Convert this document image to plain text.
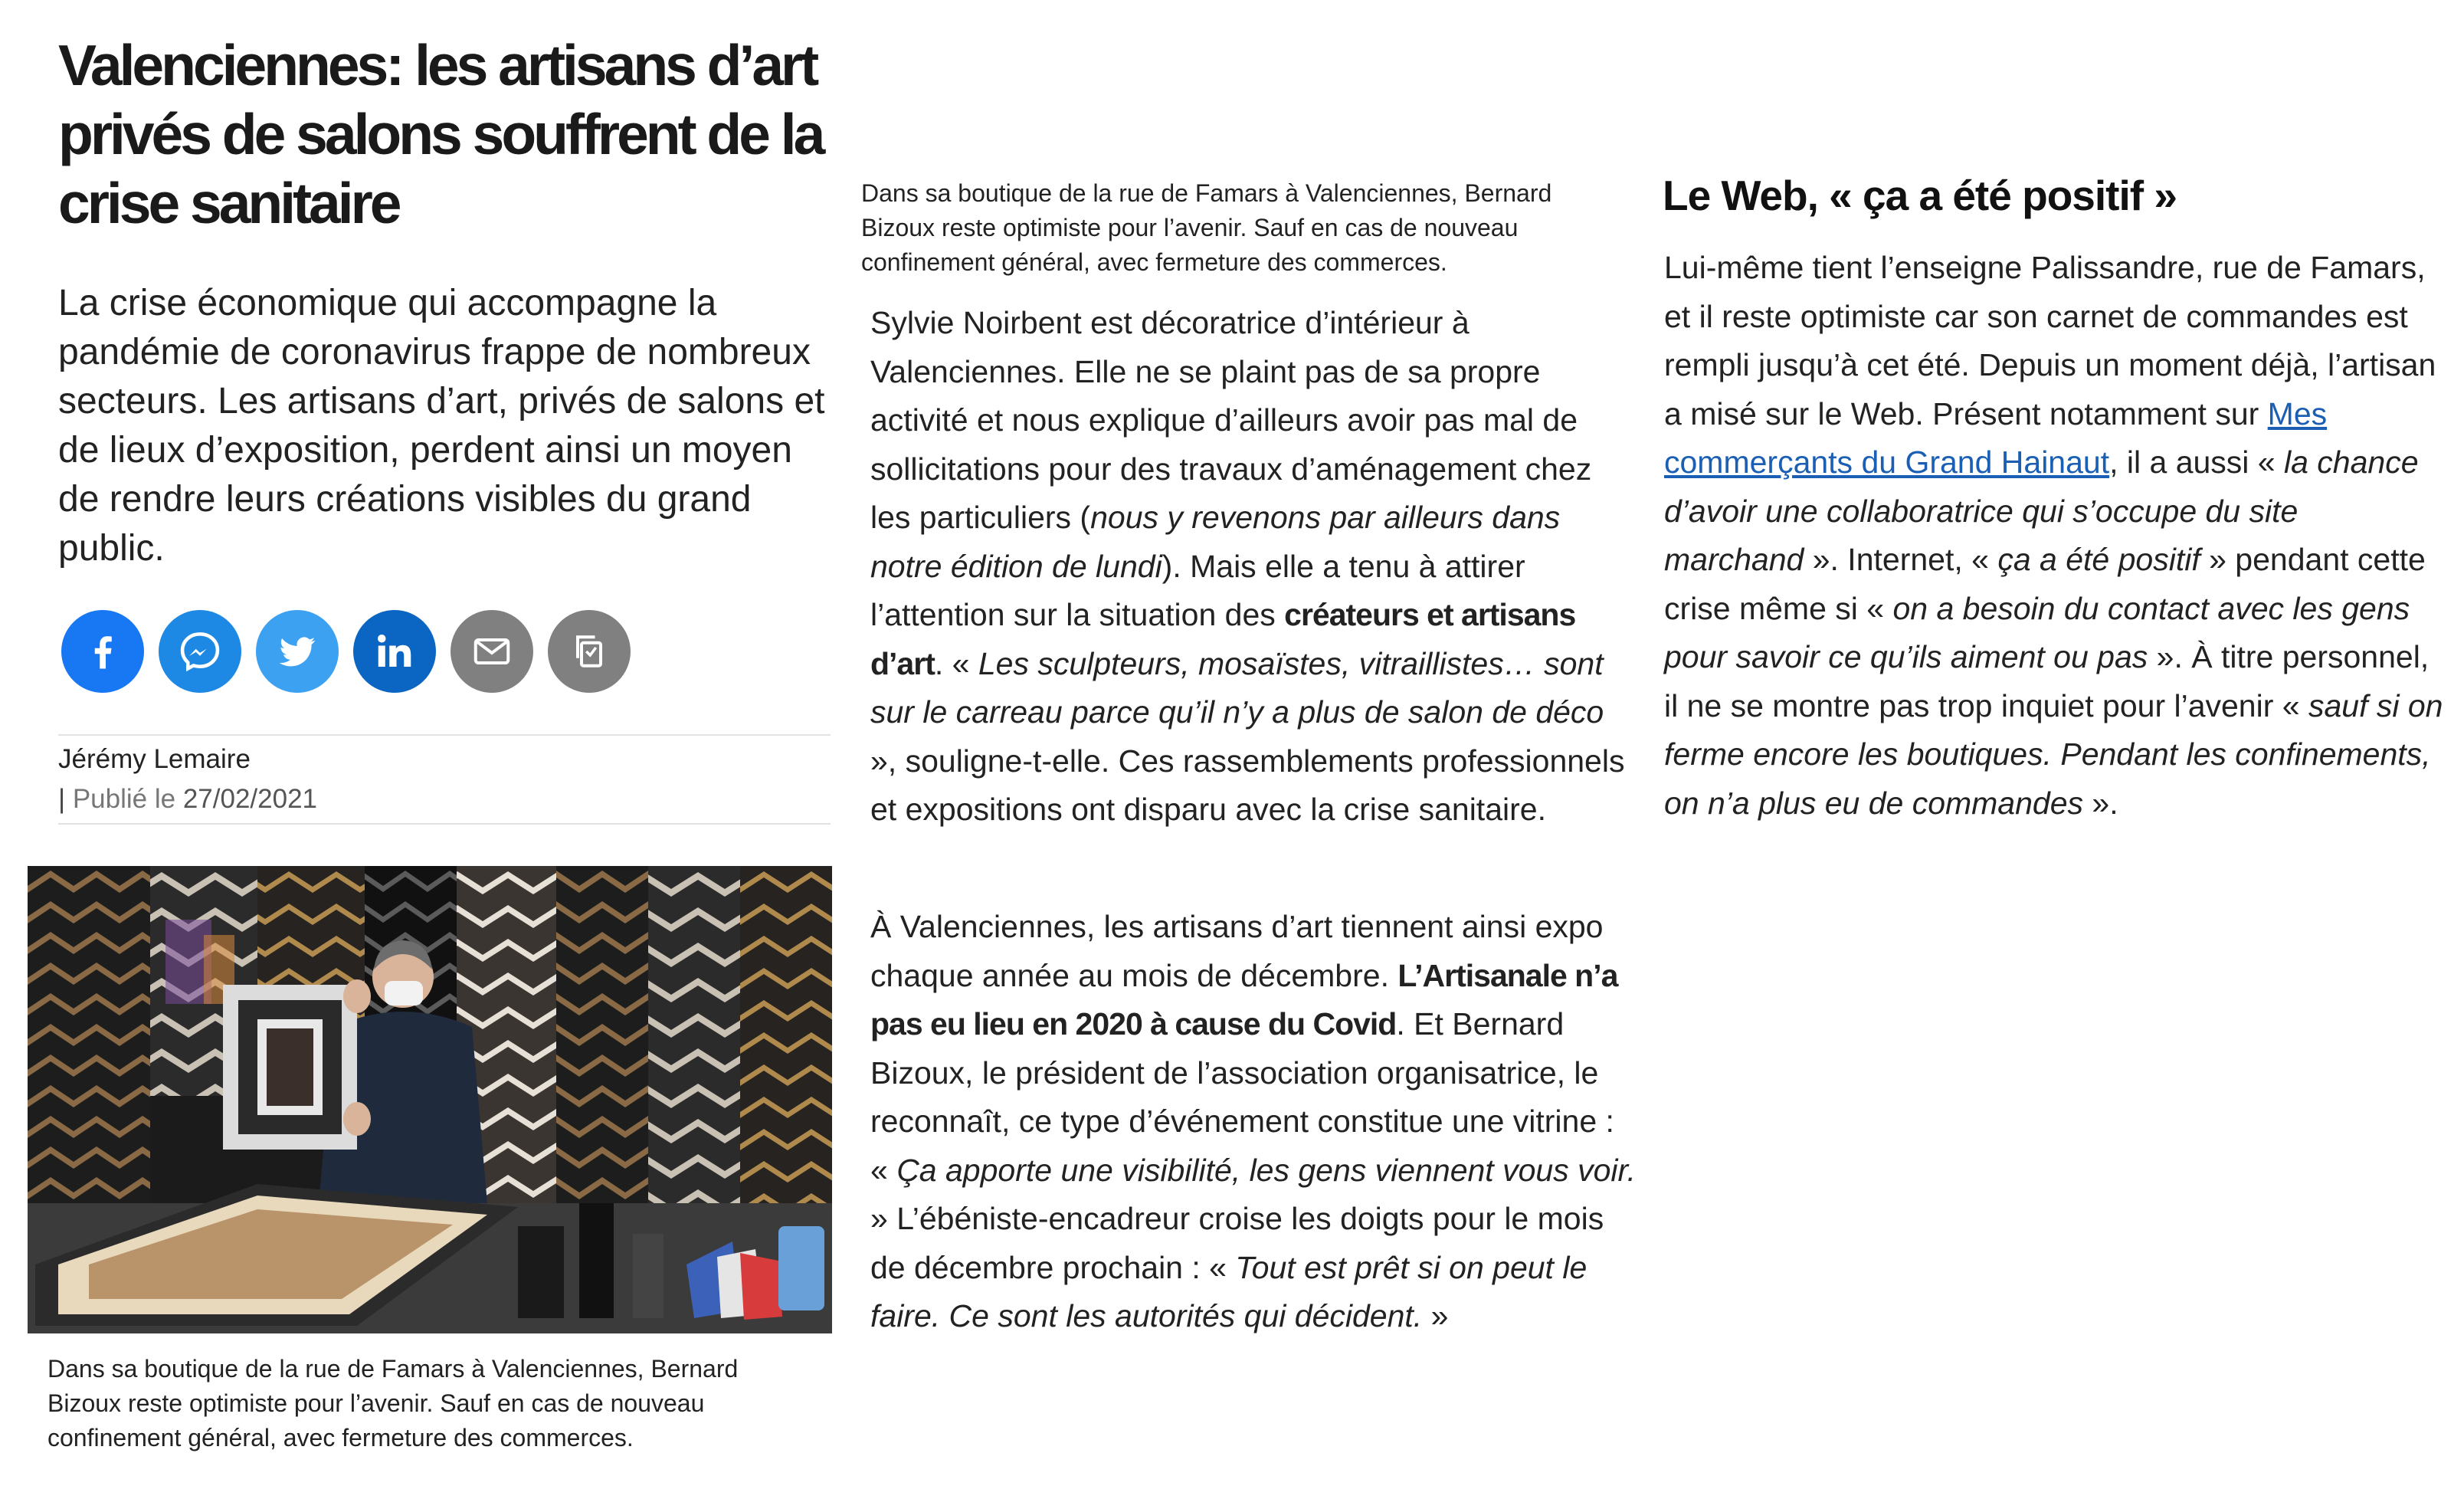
Valenciennes: les artisans d’art privés de salons souffrent de la crise sanitaire

La crise économique qui accompagne la pandémie de coronavirus frappe de nombreux secteurs. Les artisans d’art, privés de salons et de lieux d’exposition, perdent ainsi un moyen de rendre leurs créations visibles du grand public.

Jérémy Lemaire
| Publié le 27/02/2021

Dans sa boutique de la rue de Famars à Valenciennes, Bernard Bizoux reste optimiste pour l’avenir. Sauf en cas de nouveau confinement général, avec fermeture des commerces.

Dans sa boutique de la rue de Famars à Valenciennes, Bernard Bizoux reste optimiste pour l’avenir. Sauf en cas de nouveau confinement général, avec fermeture des commerces.

Sylvie Noirbent est décoratrice d’intérieur à Valenciennes. Elle ne se plaint pas de sa propre activité et nous explique d’ailleurs avoir pas mal de sollicitations pour des travaux d’aménagement chez les particuliers (nous y revenons par ailleurs dans notre édition de lundi). Mais elle a tenu à attirer l’attention sur la situation des créateurs et artisans d’art. « Les sculpteurs, mosaïstes, vitraillistes… sont sur le carreau parce qu’il n’y a plus de salon de déco », souligne-t-elle. Ces rassemblements professionnels et expositions ont disparu avec la crise sanitaire.

À Valenciennes, les artisans d’art tiennent ainsi expo chaque année au mois de décembre. L’Artisanale n’a pas eu lieu en 2020 à cause du Covid. Et Bernard Bizoux, le président de l’association organisatrice, le reconnaît, ce type d’événement constitue une vitrine : « Ça apporte une visibilité, les gens viennent vous voir. » L’ébéniste-encadreur croise les doigts pour le mois de décembre prochain : « Tout est prêt si on peut le faire. Ce sont les autorités qui décident. »

Le Web, « ça a été positif »

Lui-même tient l’enseigne Palissandre, rue de Famars, et il reste optimiste car son carnet de commandes est rempli jusqu’à cet été. Depuis un moment déjà, l’artisan a misé sur le Web. Présent notamment sur Mes commerçants du Grand Hainaut, il a aussi « la chance d’avoir une collaboratrice qui s’occupe du site marchand ». Internet, « ça a été positif » pendant cette crise même si « on a besoin du contact avec les gens pour savoir ce qu’ils aiment ou pas ». À titre personnel, il ne se montre pas trop inquiet pour l’avenir « sauf si on ferme encore les boutiques. Pendant les confinements, on n’a plus eu de commandes ».
